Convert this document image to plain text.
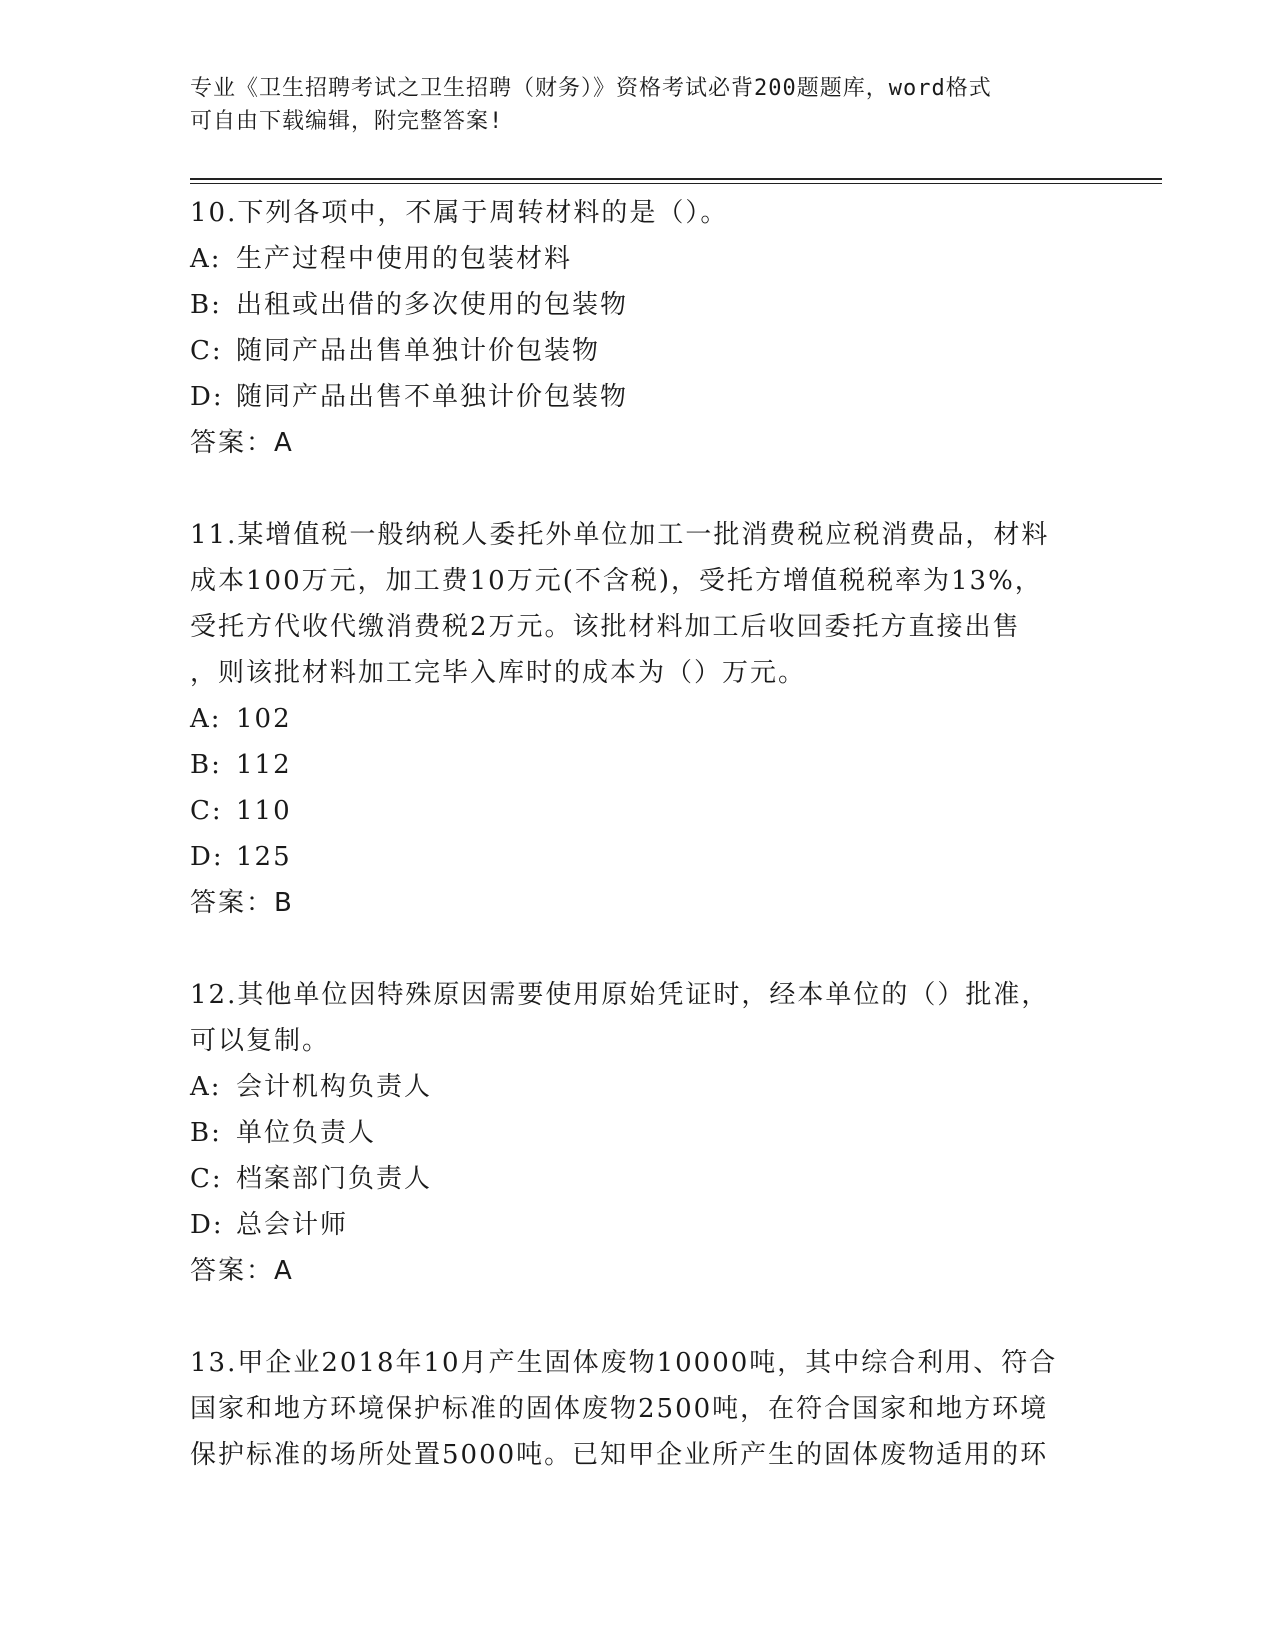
专业《卫生招聘考试之卫生招聘（财务）》资格考试必背200题题库，word格式
可自由下载编辑，附完整答案!

10.下列各项中，不属于周转材料的是（）。

A: 生产过程中使用的包装材料

B: 出租或出借的多次使用的包装物

C: 随同产品出售单独计价包装物

D: 随同产品出售不单独计价包装物

答案：A

11.某增值税一般纳税人委托外单位加工一批消费税应税消费品，材料

成本100万元，加工费10万元(不含税)，受托方增值税税率为13%，

受托方代收代缴消费税2万元。该批材料加工后收回委托方直接出售

，则该批材料加工完毕入库时的成本为（）万元。

A: 102

B: 112

C: 110

D: 125

答案：B

12.其他单位因特殊原因需要使用原始凭证时，经本单位的（）批准，

可以复制。

A: 会计机构负责人

B: 单位负责人

C: 档案部门负责人

D: 总会计师

答案：A

13.甲企业2018年10月产生固体废物10000吨，其中综合利用、符合

国家和地方环境保护标准的固体废物2500吨，在符合国家和地方环境

保护标准的场所处置5000吨。已知甲企业所产生的固体废物适用的环
